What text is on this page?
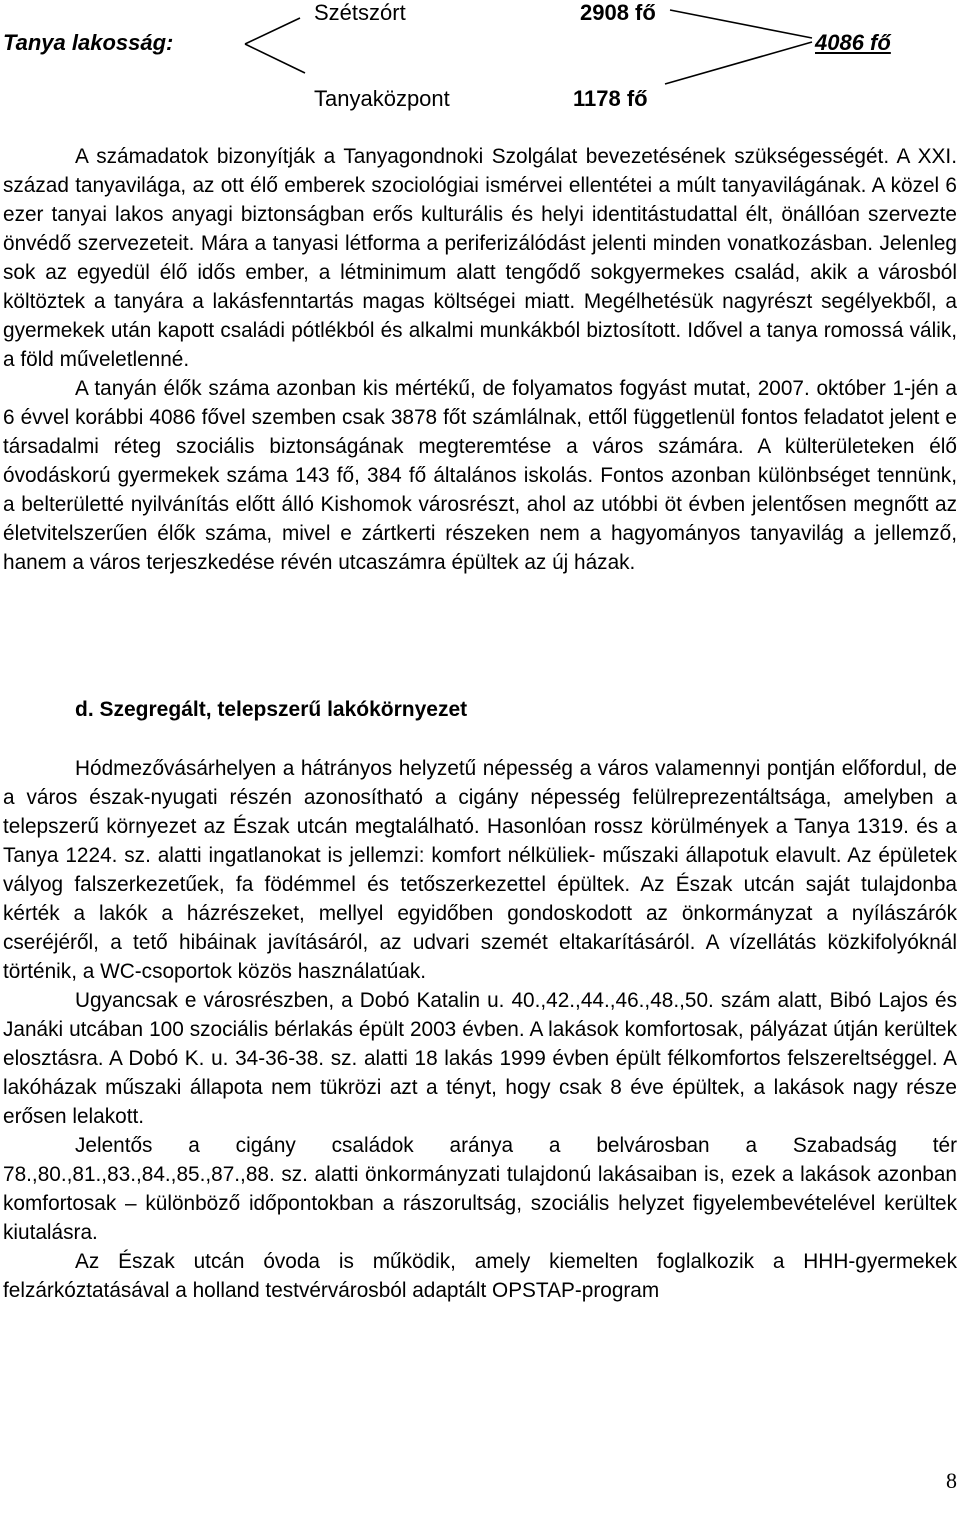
Tanya lakosság:
Szétszórt	2908 fő
4086 fő
Tanyaközpont	1178 fő

A számadatok bizonyítják a Tanyagondnoki Szolgálat bevezetésének szükségességét. A XXI. század tanyavilága, az ott élő emberek szociológiai ismérvei ellentétei a múlt tanyavilágának. A közel 6 ezer tanyai lakos anyagi biztonságban erős kulturális és helyi identitástudattal élt, önállóan szervezte önvédő szervezeteit. Mára a tanyasi létforma a periferizálódást jelenti minden vonatkozásban. Jelenleg sok az egyedül élő idős ember, a létminimum alatt tengődő sokgyermekes család, akik a városból költöztek a tanyára a lakásfenntartás magas költségei miatt. Megélhetésük nagyrészt segélyekből, a gyermekek után kapott családi pótlékból és alkalmi munkákból biztosított. Idővel a tanya romossá válik, a föld műveletlenné.

A tanyán élők száma azonban kis mértékű, de folyamatos fogyást mutat, 2007. október 1-jén a 6 évvel korábbi 4086 fővel szemben csak 3878 főt számlálnak, ettől függetlenül fontos feladatot jelent e társadalmi réteg szociális biztonságának megteremtése a város számára. A külterületeken élő óvodáskorú gyermekek száma 143 fő, 384 fő általános iskolás. Fontos azonban különbséget tennünk, a belterületté nyilvánítás előtt álló Kishomok városrészt, ahol az utóbbi öt évben jelentősen megnőtt az életvitelszerűen élők száma, mivel e zártkerti részeken nem a hagyományos tanyavilág a jellemző, hanem a város terjeszkedése révén utcaszámra épültek az új házak.

d. Szegregált, telepszerű lakókörnyezet

Hódmezővásárhelyen a hátrányos helyzetű népesség a város valamennyi pontján előfordul, de a város észak-nyugati részén azonosítható a cigány népesség felülreprezentáltsága, amelyben a telepszerű környezet az Észak utcán megtalálható. Hasonlóan rossz körülmények a Tanya 1319. és a Tanya 1224. sz. alatti ingatlanokat is jellemzi: komfort nélküliek- műszaki állapotuk elavult. Az épületek vályog falszerkezetűek, fa födémmel és tetőszerkezettel épültek. Az Észak utcán saját tulajdonba kérték a lakók a házrészeket, mellyel egyidőben gondoskodott az önkormányzat a nyílászárók cseréjéről, a tető hibáinak javításáról, az udvari szemét eltakarításáról. A vízellátás közkifolyóknál történik, a WC-csoportok közös használatúak.

Ugyancsak e városrészben, a Dobó Katalin u. 40.,42.,44.,46.,48.,50. szám alatt, Bibó Lajos és Janáki utcában 100 szociális bérlakás épült 2003 évben. A lakások komfortosak, pályázat útján kerültek elosztásra. A Dobó K. u. 34-36-38. sz. alatti 18 lakás 1999 évben épült félkomfortos felszereltséggel. A lakóházak műszaki állapota nem tükrözi azt a tényt, hogy csak 8 éve épültek, a lakások nagy része erősen lelakott.

Jelentős a cigány családok aránya a belvárosban a Szabadság tér 78.,80.,81.,83.,84.,85.,87.,88. sz. alatti önkormányzati tulajdonú lakásaiban is, ezek a lakások azonban komfortosak – különböző időpontokban a rászorultság, szociális helyzet figyelembevételével kerültek kiutalásra.

Az Észak utcán óvoda is működik, amely kiemelten foglalkozik a HHH-gyermekek felzárkóztatásával a holland testvérvárosból adaptált OPSTAP-program

8
